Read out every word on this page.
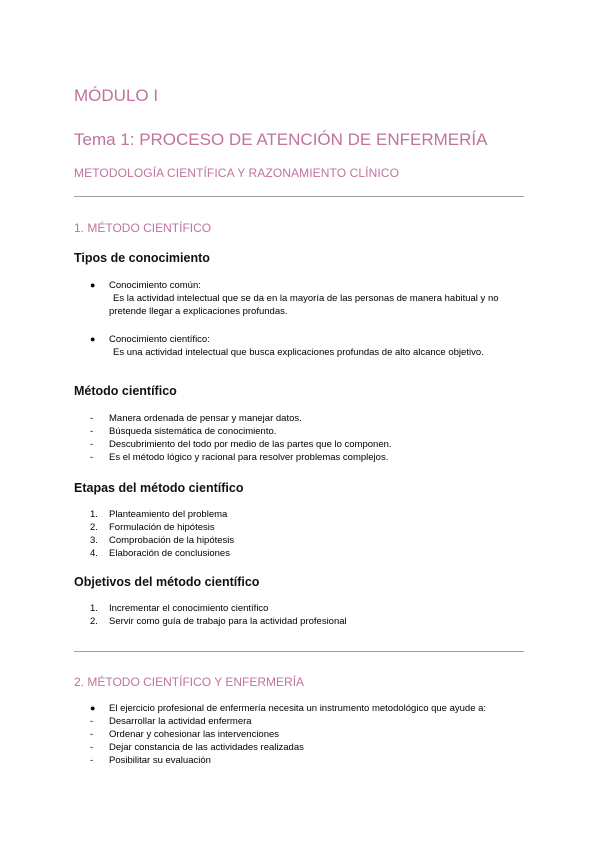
MÓDULO I
Tema 1: PROCESO DE ATENCIÓN DE ENFERMERÍA
METODOLOGÍA CIENTÍFICA Y RAZONAMIENTO CLÍNICO
1. MÉTODO CIENTÍFICO
Tipos de conocimiento
● Conocimiento común:
Es la actividad intelectual que se da en la mayoría de las personas de manera habitual y no
pretende llegar a explicaciones profundas.
● Conocimiento científico:
Es una actividad intelectual que busca explicaciones profundas de alto alcance objetivo.
Método científico
-	Manera ordenada de pensar y manejar datos.
-	Búsqueda sistemática de conocimiento.
-	Descubrimiento del todo por medio de las partes que lo componen.
-	Es el método lógico y racional para resolver problemas complejos.
Etapas del método científico
1.	Planteamiento del problema
2.	Formulación de hipótesis
3.	Comprobación de la hipótesis
4.	Elaboración de conclusiones
Objetivos del método científico
1.	Incrementar el conocimiento científico
2.	Servir como guía de trabajo para la actividad profesional
2. MÉTODO CIENTÍFICO Y ENFERMERÍA
● El ejercicio profesional de enfermería necesita un instrumento metodológico que ayude a:
-	Desarrollar la actividad enfermera
-	Ordenar y cohesionar las intervenciones
-	Dejar constancia de las actividades realizadas
-	Posibilitar su evaluación
